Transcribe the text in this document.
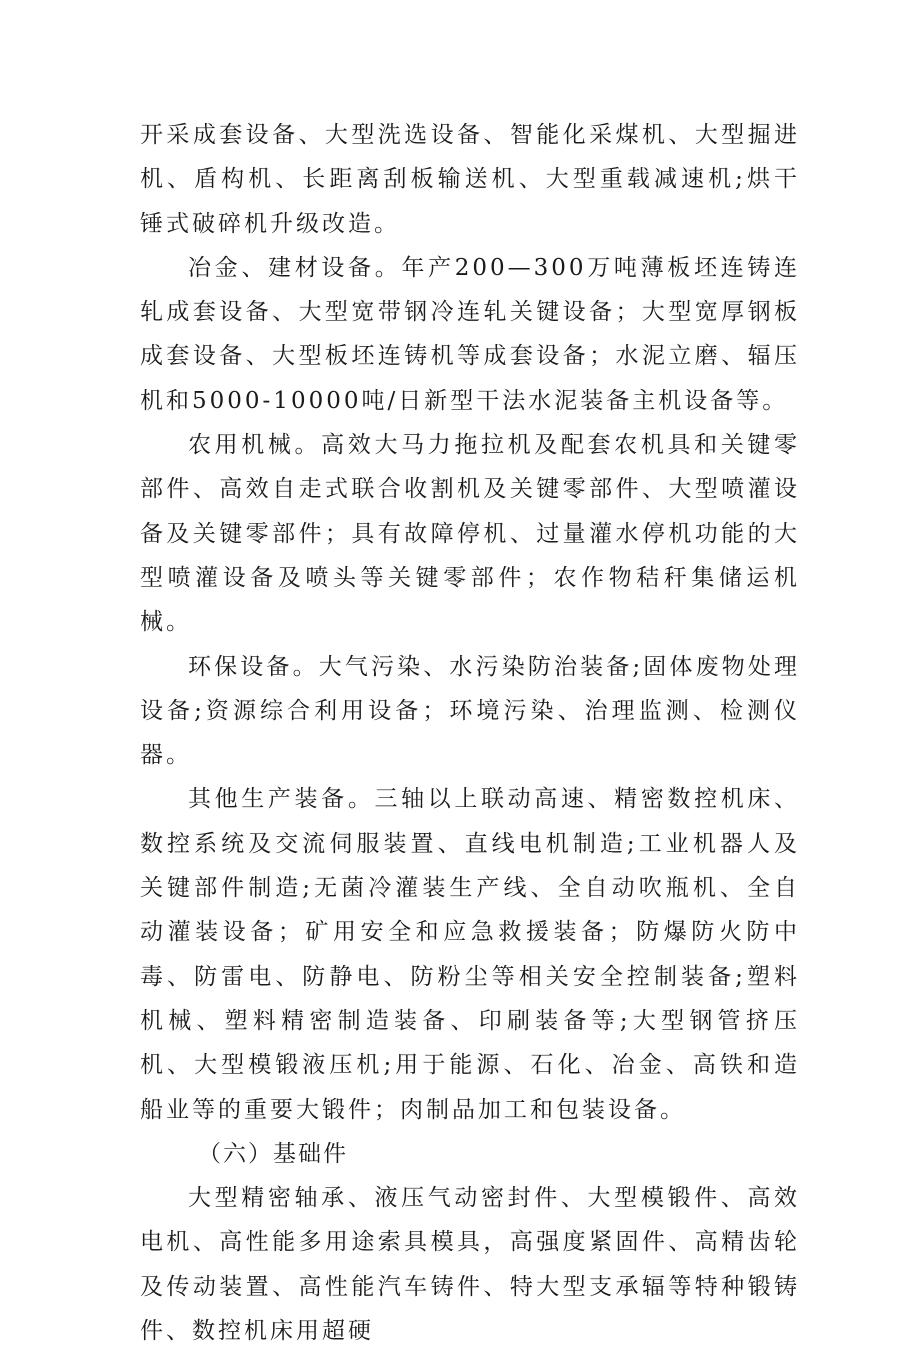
开采成套设备、大型洗选设备、智能化采煤机、大型掘进机、盾构机、长距离刮板输送机、大型重载减速机;烘干锤式破碎机升级改造。

冶金、建材设备。年产200—300万吨薄板坯连铸连轧成套设备、大型宽带钢冷连轧关键设备；大型宽厚钢板成套设备、大型板坯连铸机等成套设备；水泥立磨、辐压机和5000-10000吨/日新型干法水泥装备主机设备等。

农用机械。高效大马力拖拉机及配套农机具和关键零部件、高效自走式联合收割机及关键零部件、大型喷灌设备及关键零部件；具有故障停机、过量灌水停机功能的大型喷灌设备及喷头等关键零部件；农作物秸秆集储运机械。

环保设备。大气污染、水污染防治装备;固体废物处理设备;资源综合利用设备；环境污染、治理监测、检测仪器。

其他生产装备。三轴以上联动高速、精密数控机床、数控系统及交流伺服装置、直线电机制造;工业机器人及关键部件制造;无菌冷灌装生产线、全自动吹瓶机、全自动灌装设备；矿用安全和应急救援装备；防爆防火防中毒、防雷电、防静电、防粉尘等相关安全控制装备;塑料机械、塑料精密制造装备、印刷装备等;大型钢管挤压机、大型模锻液压机;用于能源、石化、冶金、高铁和造船业等的重要大锻件；肉制品加工和包装设备。

（六）基础件

大型精密轴承、液压气动密封件、大型模锻件、高效电机、高性能多用途索具模具，高强度紧固件、高精齿轮及传动装置、高性能汽车铸件、特大型支承辐等特种锻铸件、数控机床用超硬
